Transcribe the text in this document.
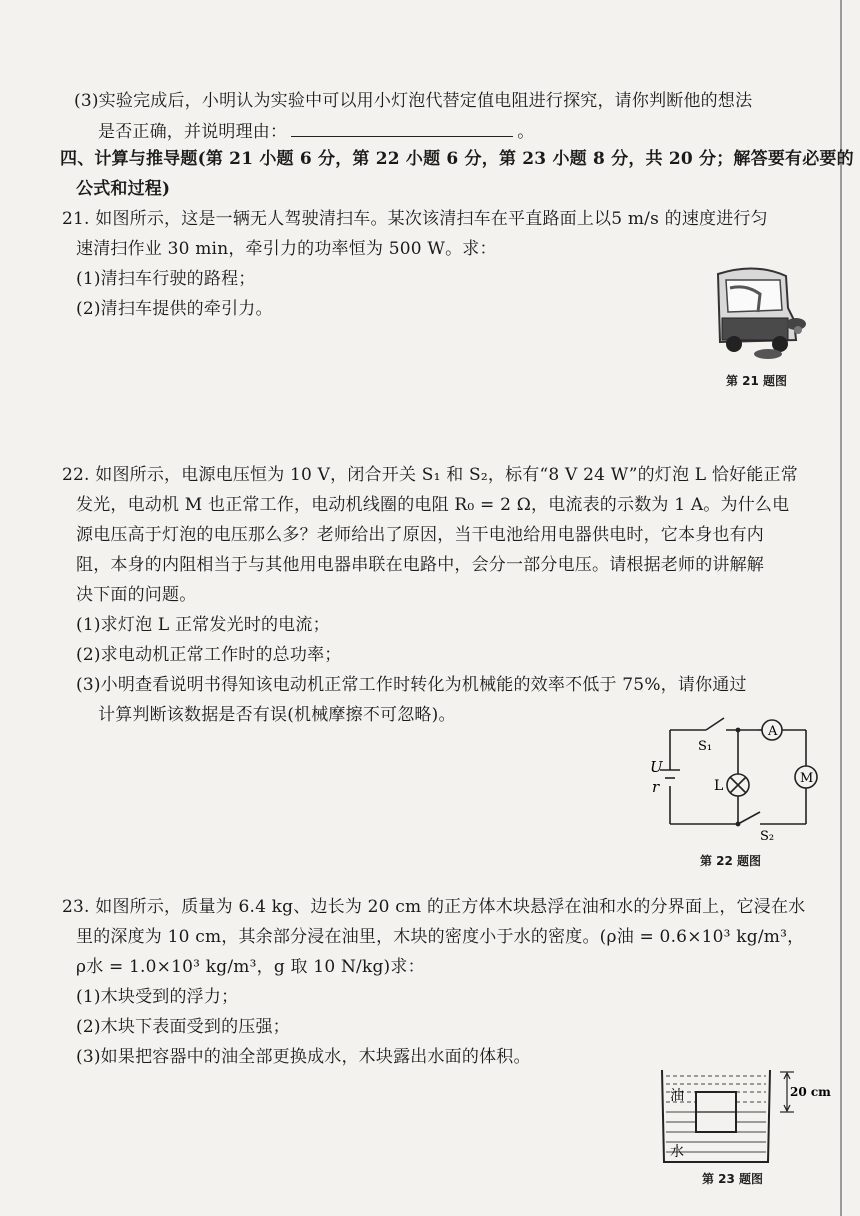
(3)实验完成后，小明认为实验中可以用小灯泡代替定值电阻进行探究，请你判断他的想法
是否正确，并说明理由：	。
四、计算与推导题(第 21 小题 6 分，第 22 小题 6 分，第 23 小题 8 分，共 20 分；解答要有必要的
公式和过程)
21. 如图所示，这是一辆无人驾驶清扫车。某次该清扫车在平直路面上以5 m/s 的速度进行匀
速清扫作业 30 min，牵引力的功率恒为 500 W。求：
(1)清扫车行驶的路程；
(2)清扫车提供的牵引力。
第 21 题图
22. 如图所示，电源电压恒为 10 V，闭合开关 S₁ 和 S₂，标有“8 V 24 W”的灯泡 L 恰好能正常
发光，电动机 M 也正常工作，电动机线圈的电阻 R₀ = 2 Ω，电流表的示数为 1 A。为什么电
源电压高于灯泡的电压那么多？老师给出了原因，当干电池给用电器供电时，它本身也有内
阻，本身的内阻相当于与其他用电器串联在电路中，会分一部分电压。请根据老师的讲解解
决下面的问题。
(1)求灯泡 L 正常发光时的电流；
(2)求电动机正常工作时的总功率；
(3)小明查看说明书得知该电动机正常工作时转化为机械能的效率不低于 75%，请你通过
计算判断该数据是否有误(机械摩擦不可忽略)。
A
M
L
S₁
S₂
U
r
第 22 题图
23. 如图所示，质量为 6.4 kg、边长为 20 cm 的正方体木块悬浮在油和水的分界面上，它浸在水
里的深度为 10 cm，其余部分浸在油里，木块的密度小于水的密度。(ρ油 = 0.6×10³ kg/m³，
ρ水 = 1.0×10³ kg/m³，g 取 10 N/kg)求：
(1)木块受到的浮力；
(2)木块下表面受到的压强；
(3)如果把容器中的油全部更换成水，木块露出水面的体积。
油
水
20 cm
第 23 题图
